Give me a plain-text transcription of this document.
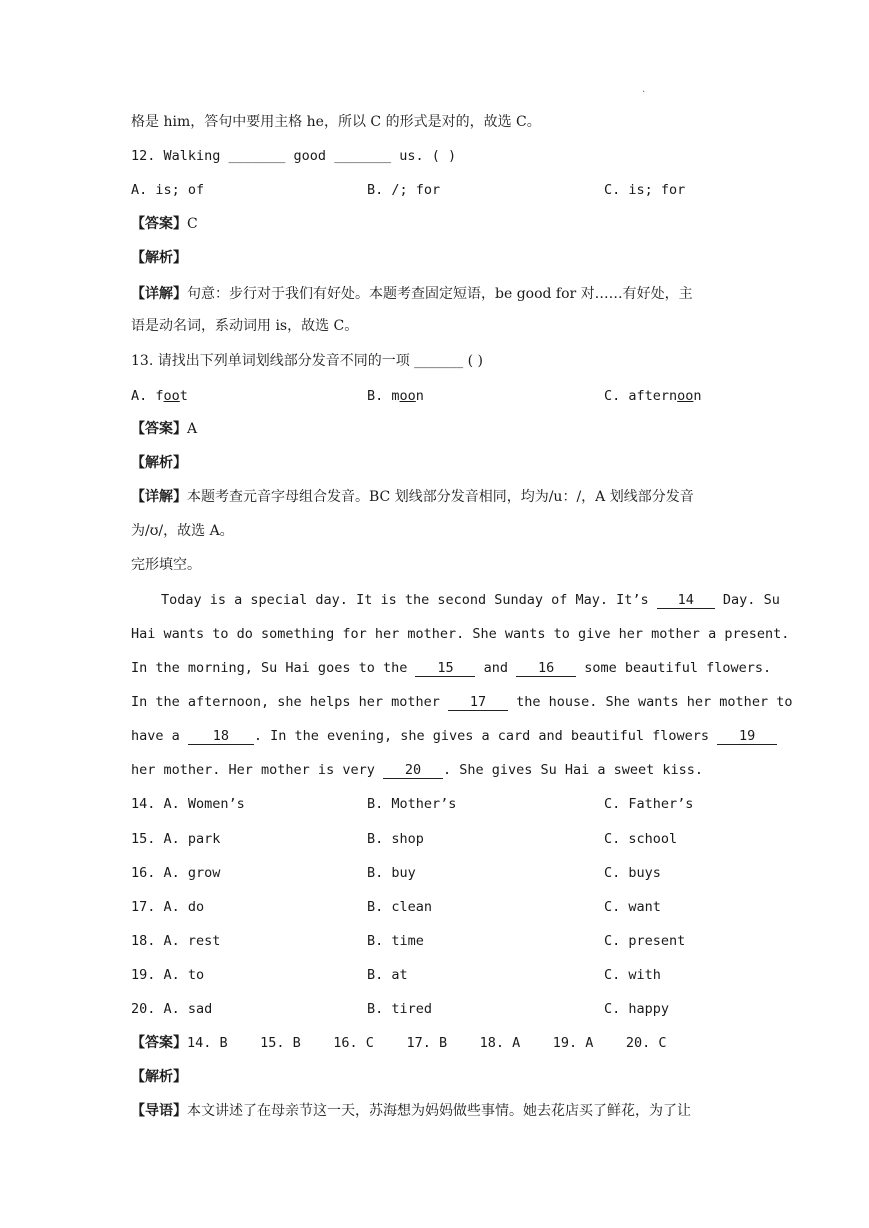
.
格是 him，答句中要用主格 he，所以 C 的形式是对的，故选 C。
12. Walking _______ good _______ us. ( )
A. is; of	B. /; for	C. is; for
【答案】C
【解析】
【详解】句意：步行对于我们有好处。本题考查固定短语，be good for 对……有好处，主
语是动名词，系动词用 is，故选 C。
13. 请找出下列单词划线部分发音不同的一项 _______ ( )
A. foot	B. moon	C. afternoon
【答案】A
【解析】
【详解】本题考查元音字母组合发音。BC 划线部分发音相同，均为/u：/，A 划线部分发音
为/ʊ/，故选 A。
完形填空。
Today is a special day. It is the second Sunday of May. It’s 14 Day. Su
Hai wants to do something for her mother. She wants to give her mother a present.
In the morning, Su Hai goes to the 15 and 16 some beautiful flowers.
In the afternoon, she helps her mother 17 the house. She wants her mother to
have a 18 . In the evening, she gives a card and beautiful flowers 19
her mother. Her mother is very 20 . She gives Su Hai a sweet kiss.
14. A. Women’s	B. Mother’s	C. Father’s
15. A. park	B. shop	C. school
16. A. grow	B. buy	C. buys
17. A. do	B. clean	C. want
18. A. rest	B. time	C. present
19. A. to	B. at	C. with
20. A. sad	B. tired	C. happy
【答案】14. B    15. B    16. C    17. B    18. A    19. A    20. C
【解析】
【导语】本文讲述了在母亲节这一天，苏海想为妈妈做些事情。她去花店买了鲜花，为了让
